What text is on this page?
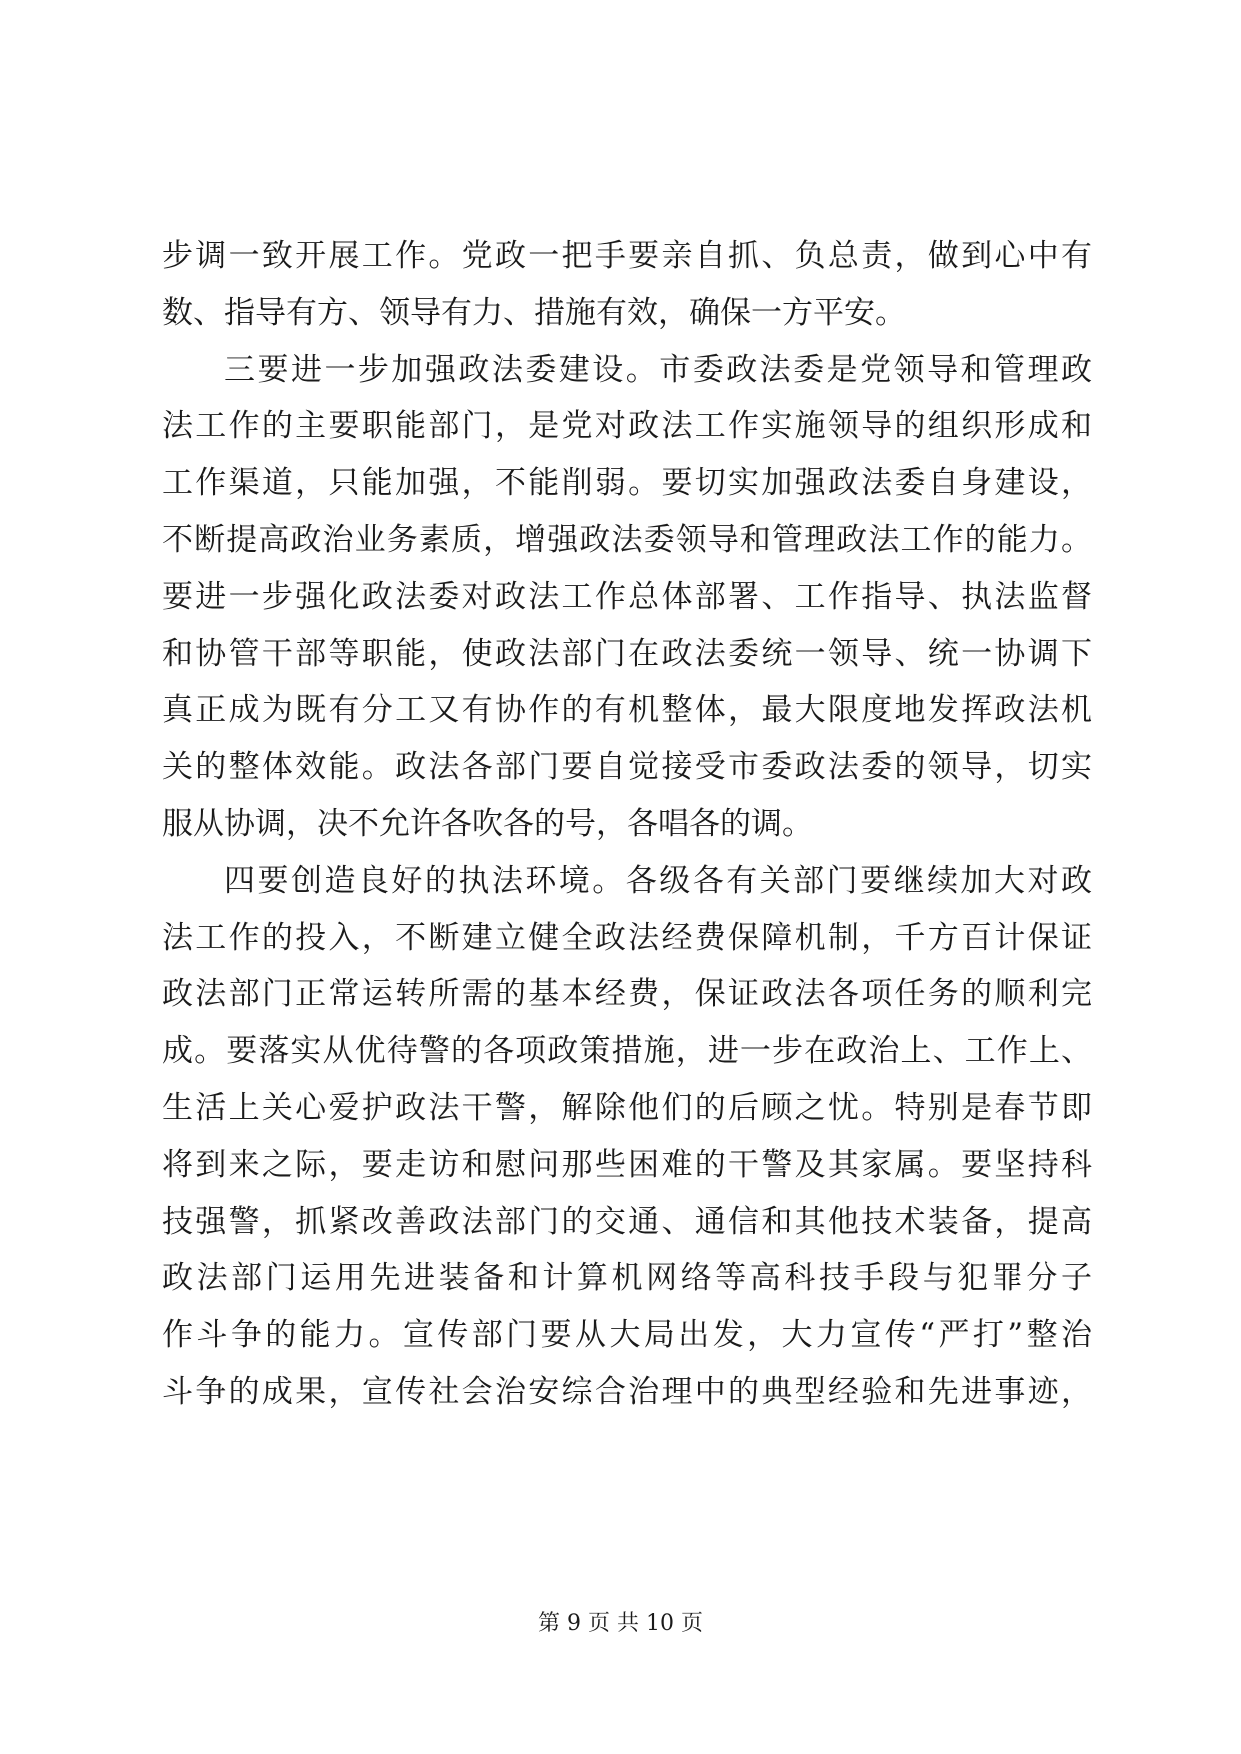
步调一致开展工作。党政一把手要亲自抓、负总责，做到心中有
数、指导有方、领导有力、措施有效，确保一方平安。
三要进一步加强政法委建设。市委政法委是党领导和管理政
法工作的主要职能部门，是党对政法工作实施领导的组织形成和
工作渠道，只能加强，不能削弱。要切实加强政法委自身建设，
不断提高政治业务素质，增强政法委领导和管理政法工作的能力。
要进一步强化政法委对政法工作总体部署、工作指导、执法监督
和协管干部等职能，使政法部门在政法委统一领导、统一协调下
真正成为既有分工又有协作的有机整体，最大限度地发挥政法机
关的整体效能。政法各部门要自觉接受市委政法委的领导，切实
服从协调，决不允许各吹各的号，各唱各的调。
四要创造良好的执法环境。各级各有关部门要继续加大对政
法工作的投入，不断建立健全政法经费保障机制，千方百计保证
政法部门正常运转所需的基本经费，保证政法各项任务的顺利完
成。要落实从优待警的各项政策措施，进一步在政治上、工作上、
生活上关心爱护政法干警，解除他们的后顾之忧。特别是春节即
将到来之际，要走访和慰问那些困难的干警及其家属。要坚持科
技强警，抓紧改善政法部门的交通、通信和其他技术装备，提高
政法部门运用先进装备和计算机网络等高科技手段与犯罪分子
作斗争的能力。宣传部门要从大局出发，大力宣传“严打”整治
斗争的成果，宣传社会治安综合治理中的典型经验和先进事迹，
第 9 页 共 10 页
